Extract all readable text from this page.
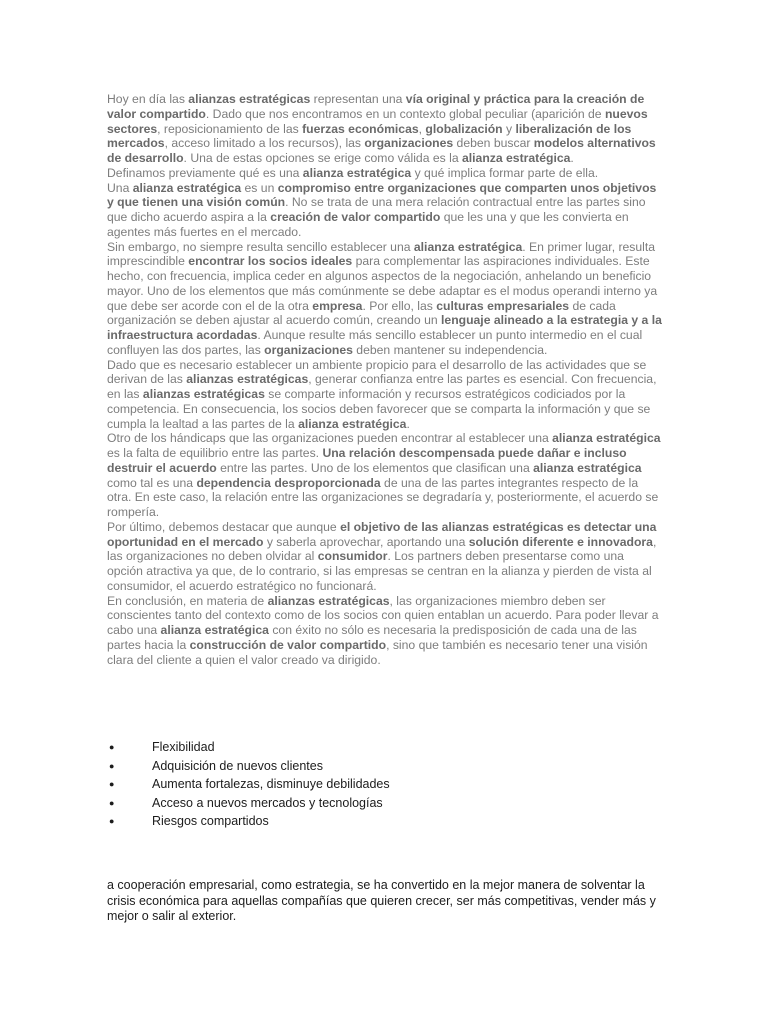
Hoy en día las alianzas estratégicas representan una vía original y práctica para la creación de valor compartido. Dado que nos encontramos en un contexto global peculiar (aparición de nuevos sectores, reposicionamiento de las fuerzas económicas, globalización y liberalización de los mercados, acceso limitado a los recursos), las organizaciones deben buscar modelos alternativos de desarrollo. Una de estas opciones se erige como válida es la alianza estratégica.

Definamos previamente qué es una alianza estratégica y qué implica formar parte de ella.

Una alianza estratégica es un compromiso entre organizaciones que comparten unos objetivos y que tienen una visión común. No se trata de una mera relación contractual entre las partes sino que dicho acuerdo aspira a la creación de valor compartido que les una y que les convierta en agentes más fuertes en el mercado.

Sin embargo, no siempre resulta sencillo establecer una alianza estratégica. En primer lugar, resulta imprescindible encontrar los socios ideales para complementar las aspiraciones individuales. Este hecho, con frecuencia, implica ceder en algunos aspectos de la negociación, anhelando un beneficio mayor. Uno de los elementos que más comúnmente se debe adaptar es el modus operandi interno ya que debe ser acorde con el de la otra empresa. Por ello, las culturas empresariales de cada organización se deben ajustar al acuerdo común, creando un lenguaje alineado a la estrategia y a la infraestructura acordadas. Aunque resulte más sencillo establecer un punto intermedio en el cual confluyen las dos partes, las organizaciones deben mantener su independencia.

Dado que es necesario establecer un ambiente propicio para el desarrollo de las actividades que se derivan de las alianzas estratégicas, generar confianza entre las partes es esencial. Con frecuencia, en las alianzas estratégicas se comparte información y recursos estratégicos codiciados por la competencia. En consecuencia, los socios deben favorecer que se comparta la información y que se cumpla la lealtad a las partes de la alianza estratégica.

Otro de los hándicaps que las organizaciones pueden encontrar al establecer una alianza estratégica es la falta de equilibrio entre las partes. Una relación descompensada puede dañar e incluso destruir el acuerdo entre las partes. Uno de los elementos que clasifican una alianza estratégica como tal es una dependencia desproporcionada de una de las partes integrantes respecto de la otra. En este caso, la relación entre las organizaciones se degradaría y, posteriormente, el acuerdo se rompería.

Por último, debemos destacar que aunque el objetivo de las alianzas estratégicas es detectar una oportunidad en el mercado y saberla aprovechar, aportando una solución diferente e innovadora, las organizaciones no deben olvidar al consumidor. Los partners deben presentarse como una opción atractiva ya que, de lo contrario, si las empresas se centran en la alianza y pierden de vista al consumidor, el acuerdo estratégico no funcionará.

En conclusión, en materia de alianzas estratégicas, las organizaciones miembro deben ser conscientes tanto del contexto como de los socios con quien entablan un acuerdo. Para poder llevar a cabo una alianza estratégica con éxito no sólo es necesaria la predisposición de cada una de las partes hacia la construcción de valor compartido, sino que también es necesario tener una visión clara del cliente a quien el valor creado va dirigido.

●	Flexibilidad
●	Adquisición de nuevos clientes
●	Aumenta fortalezas, disminuye debilidades
●	Acceso a nuevos mercados y tecnologías
●	Riesgos compartidos

a cooperación empresarial, como estrategia, se ha convertido en la mejor manera de solventar la crisis económica para aquellas compañías que quieren crecer, ser más competitivas, vender más y mejor o salir al exterior.
